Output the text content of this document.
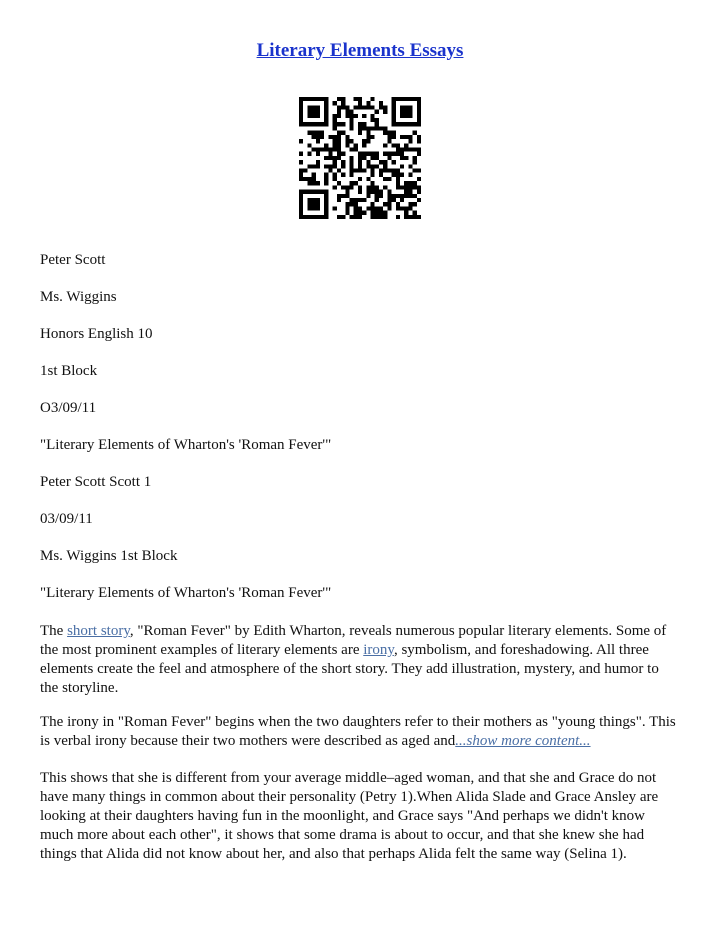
Literary Elements Essays
Peter Scott
Ms. Wiggins
Honors English 10
1st Block
O3/09/11
"Literary Elements of Wharton's 'Roman Fever'"
Peter Scott Scott 1
03/09/11
Ms. Wiggins 1st Block
"Literary Elements of Wharton's 'Roman Fever'"
The short story, "Roman Fever" by Edith Wharton, reveals numerous popular literary elements. Some of the most prominent examples of literary elements are irony, symbolism, and foreshadowing. All three elements create the feel and atmosphere of the short story. They add illustration, mystery, and humor to the storyline.
The irony in "Roman Fever" begins when the two daughters refer to their mothers as "young things". This is verbal irony because their two mothers were described as aged and...show more content...
This shows that she is different from your average middle–aged woman, and that she and Grace do not have many things in common about their personality (Petry 1).When Alida Slade and Grace Ansley are looking at their daughters having fun in the moonlight, and Grace says "And perhaps we didn't know much more about each other", it shows that some drama is about to occur, and that she knew she had things that Alida did not know about her, and also that perhaps Alida felt the same way (Selina 1).
